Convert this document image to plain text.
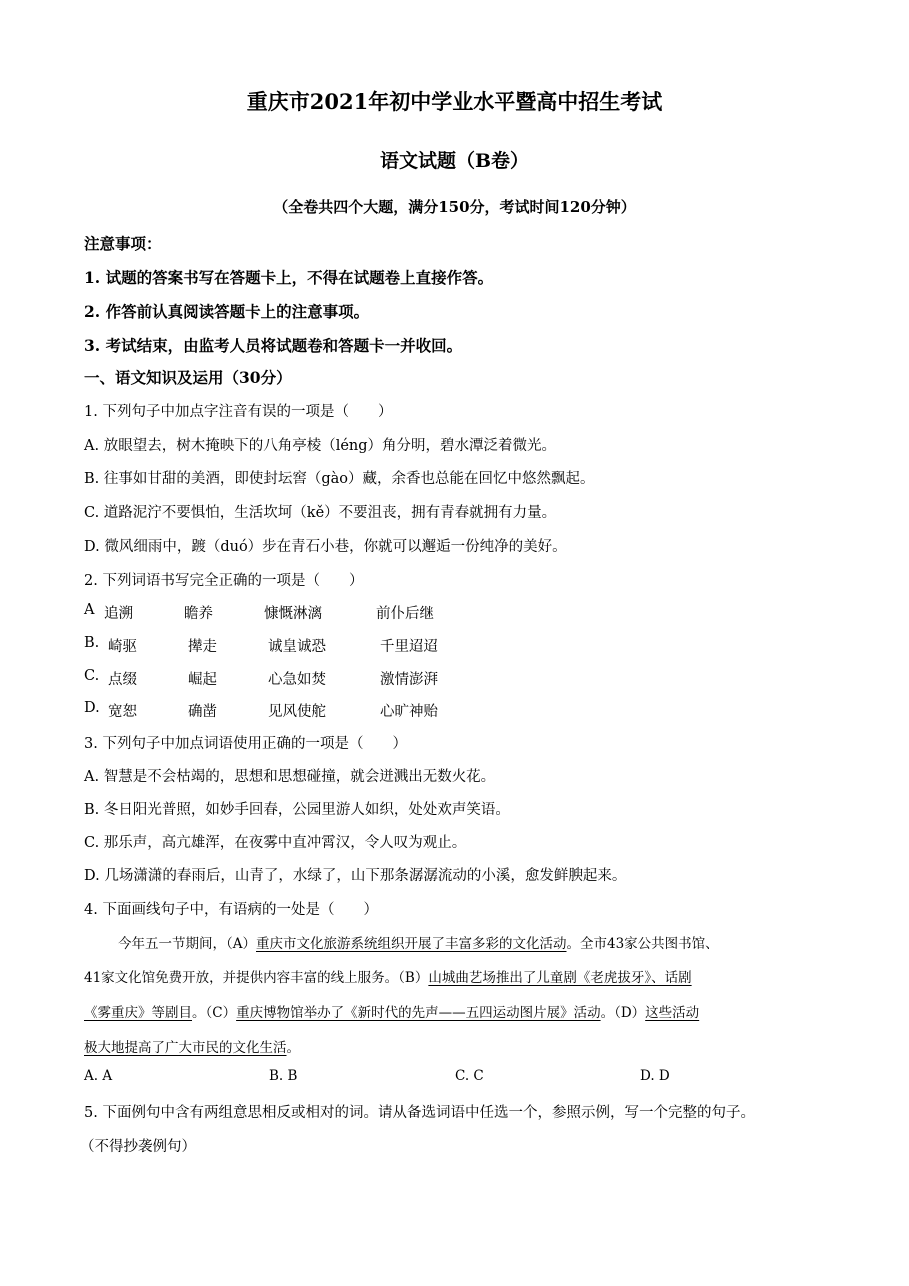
重庆市2021年初中学业水平暨高中招生考试
语文试题（B卷）
（全卷共四个大题，满分150分，考试时间120分钟）
注意事项：
1. 试题的答案书写在答题卡上，不得在试题卷上直接作答。
2. 作答前认真阅读答题卡上的注意事项。
3. 考试结束，由监考人员将试题卷和答题卡一并收回。
一、语文知识及运用（30分）
1. 下列句子中加点字注音有误的一项是（　　）
A. 放眼望去，树木掩映下的八角亭棱（léng）角分明，碧水潭泛着微光。
B. 往事如甘甜的美酒，即使封坛窖（gào）藏，余香也总能在回忆中悠然飘起。
C. 道路泥泞不要惧怕，生活坎坷（kě）不要沮丧，拥有青春就拥有力量。
D. 微风细雨中，踱（duó）步在青石小巷，你就可以邂逅一份纯净的美好。
2. 下列词语书写完全正确的一项是（　　）
A 追溯	瞻养	慷慨淋漓	前仆后继
B. 崎驱	撵走	诚皇诚恐	千里迢迢
C. 点缀	崛起	心急如焚	激情澎湃
D. 宽恕	确凿	见风使舵	心旷神贻
3. 下列句子中加点词语使用正确的一项是（　　）
A. 智慧是不会枯竭的，思想和思想碰撞，就会迸溅出无数火花。
B. 冬日阳光普照，如妙手回春，公园里游人如织，处处欢声笑语。
C. 那乐声，高亢雄浑，在夜雾中直冲霄汉，令人叹为观止。
D. 几场潇潇的春雨后，山青了，水绿了，山下那条潺潺流动的小溪，愈发鲜腴起来。
4. 下面画线句子中，有语病的一处是（　　）
今年五一节期间，（A）重庆市文化旅游系统组织开展了丰富多彩的文化活动。全市43家公共图书馆、
41家文化馆免费开放，并提供内容丰富的线上服务。（B）山城曲艺场推出了儿童剧《老虎拔牙》、话剧
《雾重庆》等剧目。（C）重庆博物馆举办了《新时代的先声——五四运动图片展》活动。（D）这些活动
极大地提高了广大市民的文化生活。
A. A	B. B	C. C	D. D
5. 下面例句中含有两组意思相反或相对的词。请从备选词语中任选一个，参照示例，写一个完整的句子。
（不得抄袭例句）
